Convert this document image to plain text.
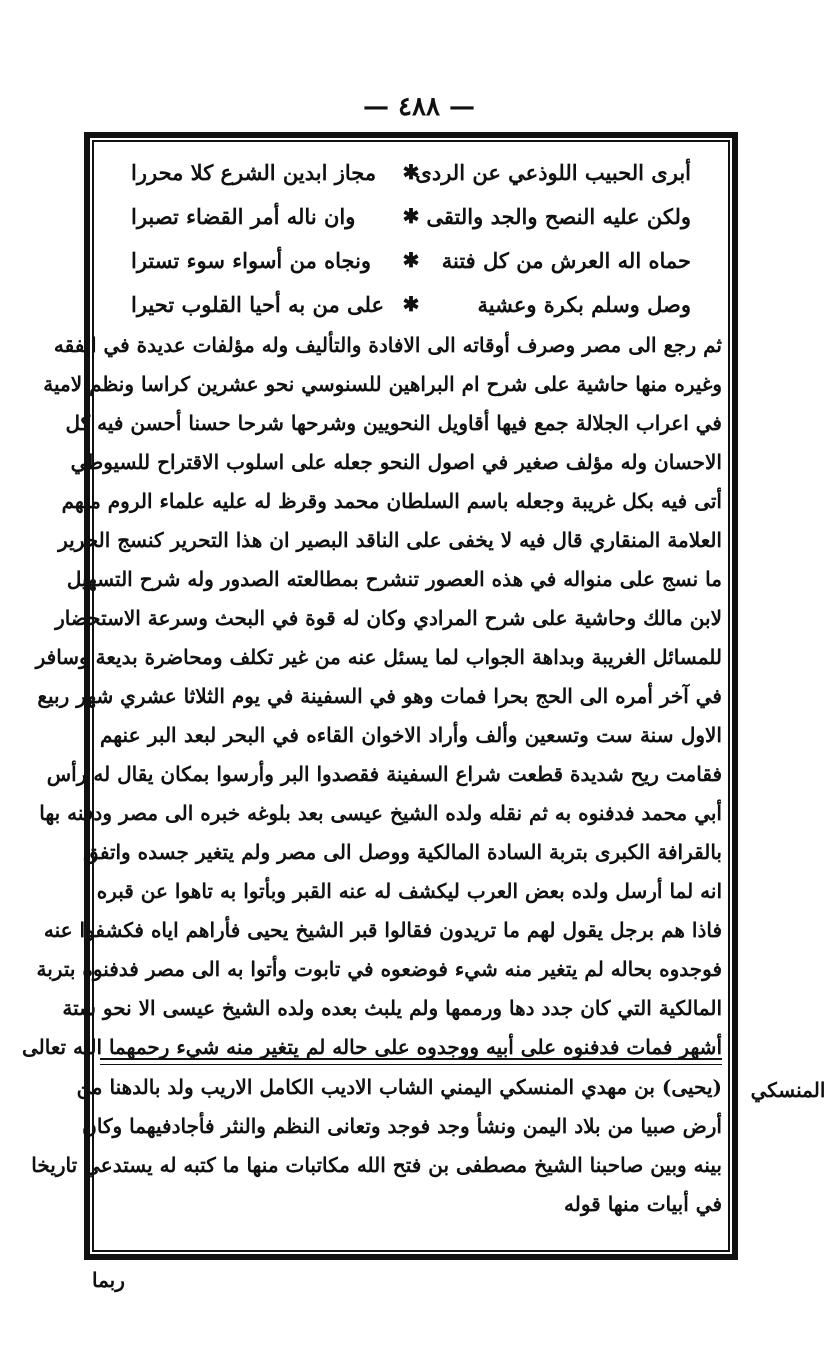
— ٤٨٨ —
أبرى الحبيب اللوذعي عن الردى
✱
مجاز ابدين الشرع كلا محررا
ولكن عليه النصح والجد والتقى
✱
وان ناله أمر القضاء تصبرا
حماه اله العرش من كل فتنة
✱
ونجاه من أسواء سوء تسترا
وصل وسلم بكرة وعشية
✱
على من به أحيا القلوب تحيرا
ثم رجع الى مصر وصرف أوقاته الى الافادة والتأليف وله مؤلفات عديدة في الفقه
وغيره منها حاشية على شرح ام البراهين للسنوسي نحو عشرين كراسا ونظم لامية
في اعراب الجلالة جمع فيها أقاويل النحويين وشرحها شرحا حسنا أحسن فيه كل
الاحسان وله مؤلف صغير في اصول النحو جعله على اسلوب الاقتراح للسيوطي
أتى فيه بكل غريبة وجعله باسم السلطان محمد وقرظ له عليه علماء الروم منهم
العلامة المنقاري قال فيه لا يخفى على الناقد البصير ان هذا التحرير كنسج الحرير
ما نسج على منواله في هذه العصور تنشرح بمطالعته الصدور وله شرح التسهيل
لابن مالك وحاشية على شرح المرادي وكان له قوة في البحث وسرعة الاستحضار
للمسائل الغريبة وبداهة الجواب لما يسئل عنه من غير تكلف ومحاضرة بديعة وسافر
في آخر أمره الى الحج بحرا فمات وهو في السفينة في يوم الثلاثا عشري شهر ربيع
الاول سنة ست وتسعين وألف وأراد الاخوان القاءه في البحر لبعد البر عنهم
فقامت ريح شديدة قطعت شراع السفينة فقصدوا البر وأرسوا بمكان يقال له رأس
أبي محمد فدفنوه به ثم نقله ولده الشيخ عيسى بعد بلوغه خبره الى مصر ودفنه بها
بالقرافة الكبرى بتربة السادة المالكية ووصل الى مصر ولم يتغير جسده واتفق
انه لما أرسل ولده بعض العرب ليكشف له عنه القبر وبأتوا به تاهوا عن قبره
فاذا هم برجل يقول لهم ما تريدون فقالوا قبر الشيخ يحيى فأراهم اياه فكشفوا عنه
فوجدوه بحاله لم يتغير منه شيء فوضعوه في تابوت وأتوا به الى مصر فدفنوه بتربة
المالكية التي كان جدد دها ورممها ولم يلبث بعده ولده الشيخ عيسى الا نحو ستة
أشهر فمات فدفنوه على أبيه ووجدوه على حاله لم يتغير منه شيء رحمهما الله تعالى
(يحيى) بن مهدي المنسكي اليمني الشاب الاديب الكامل الاريب ولد بالدهنا من
أرض صبيا من بلاد اليمن ونشأ وجد فوجد وتعانى النظم والنثر فأجادفيهما وكان
بينه وبين صاحبنا الشيخ مصطفى بن فتح الله مكاتبات منها ما كتبه له يستدعي تاريخا
في أبيات منها قوله
المنسكي
ربما
